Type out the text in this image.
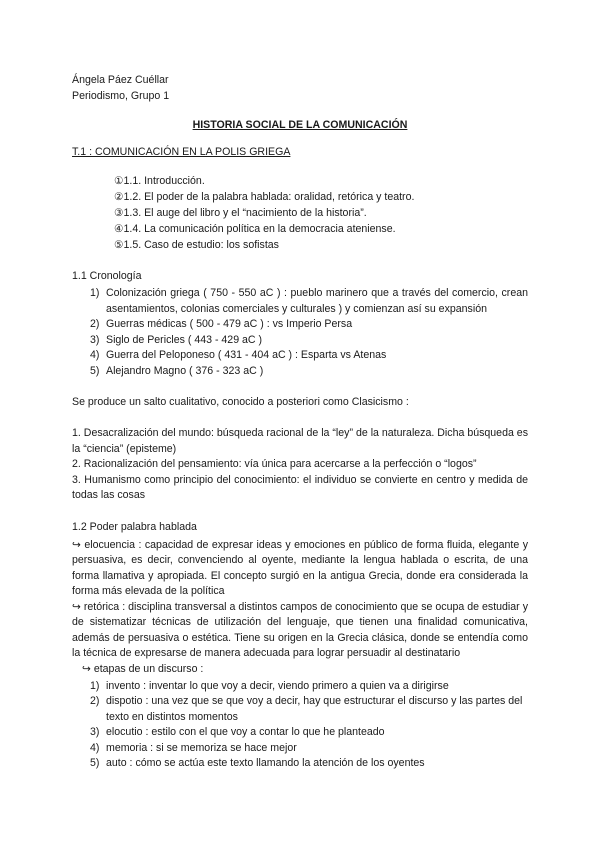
Ángela Páez Cuéllar
Periodismo, Grupo 1
HISTORIA SOCIAL DE LA COMUNICACIÓN
T.1 : COMUNICACIÓN EN LA POLIS GRIEGA
①1.1. Introducción.
②1.2. El poder de la palabra hablada: oralidad, retórica y teatro.
③1.3. El auge del libro y el “nacimiento de la historia”.
④1.4. La comunicación política en la democracia ateniense.
⑤1.5. Caso de estudio: los sofistas
1.1 Cronología
1) Colonización griega ( 750 - 550 aC ) : pueblo marinero que a través del comercio, crean asentamientos, colonias comerciales y culturales ) y comienzan así su expansión
2) Guerras médicas ( 500 - 479 aC ) : vs Imperio Persa
3) Siglo de Pericles ( 443 - 429 aC )
4) Guerra del Peloponeso ( 431 - 404 aC ) : Esparta vs Atenas
5) Alejandro Magno ( 376 - 323 aC )
Se produce un salto cualitativo, conocido a posteriori como Clasicismo :
1. Desacralización del mundo: búsqueda racional de la “ley” de la naturaleza. Dicha búsqueda es la “ciencia” (episteme)
2. Racionalización del pensamiento: vía única para acercarse a la perfección o “logos”
3. Humanismo como principio del conocimiento: el individuo se convierte en centro y medida de todas las cosas
1.2 Poder palabra hablada
↪ elocuencia : capacidad de expresar ideas y emociones en público de forma fluida, elegante y persuasiva, es decir, convenciendo al oyente, mediante la lengua hablada o escrita, de una forma llamativa y apropiada. El concepto surgió en la antigua Grecia, donde era considerada la forma más elevada de la política
↪ retórica : disciplina transversal a distintos campos de conocimiento que se ocupa de estudiar y de sistematizar técnicas de utilización del lenguaje, que tienen una finalidad comunicativa, además de persuasiva o estética. Tiene su origen en la Grecia clásica, donde se entendía como la técnica de expresarse de manera adecuada para lograr persuadir al destinatario
↪ etapas de un discurso :
1) invento : inventar lo que voy a decir, viendo primero a quien va a dirigirse
2) dispotio : una vez que se que voy a decir, hay que estructurar el discurso y las partes del texto en distintos momentos
3) elocutio : estilo con el que voy a contar lo que he planteado
4) memoria : si se memoriza se hace mejor
5) auto : cómo se actúa este texto llamando la atención de los oyentes
